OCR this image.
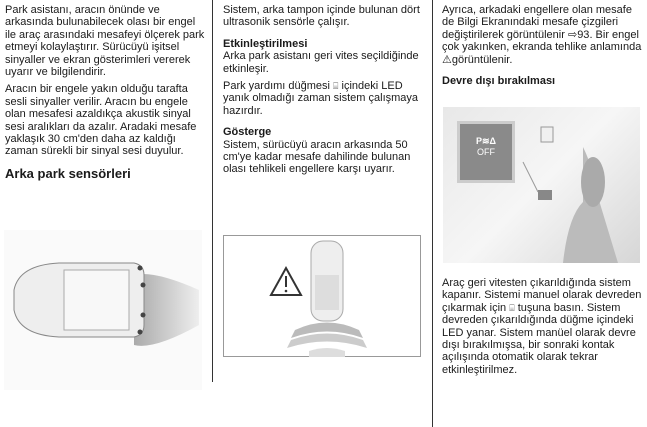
Park asistanı, aracın önünde ve arkasında bulunabilecek olası bir engel ile araç arasındaki mesafeyi ölçerek park etmeyi kolaylaştırır. Sürücüyü işitsel sinyaller ve ekran gösterimleri vererek uyarır ve bilgilendirir.

Aracın bir engele yakın olduğu tarafta sesli sinyaller verilir. Aracın bu engele olan mesafesi azaldıkça akustik sinyal sesi aralıkları da azalır. Aradaki mesafe yaklaşık 30 cm'den daha az kaldığı zaman sürekli bir sinyal sesi duyulur.

Arka park sensörleri

Sistem, arka tampon içinde bulunan dört ultrasonik sensörle çalışır.

Etkinleştirilmesi

Arka park asistanı geri vites seçildiğinde etkinleşir.

Park yardımı düğmesi ⌸ içindeki LED yanık olmadığı zaman sistem çalışmaya hazırdır.

Gösterge

Sistem, sürücüyü aracın arkasında 50 cm'ye kadar mesafe dahilinde bulunan olası tehlikeli engellere karşı uyarır.

Ayrıca, arkadaki engellere olan mesafe de Bilgi Ekranındaki mesafe çizgileri değiştirilerek görüntülenir ⇨93. Bir engel çok yakınken, ekranda tehlike anlamında ⚠görüntülenir.

Devre dışı bırakılması
P≋Δ
OFF

Araç geri vitesten çıkarıldığında sistem kapanır. Sistemi manuel olarak devreden çıkarmak için ⌸ tuşuna basın. Sistem devreden çıkarıldığında düğme içindeki LED yanar. Sistem manüel olarak devre dışı bırakılmışsa, bir sonraki kontak açılışında otomatik olarak tekrar etkinleştirilmez.
